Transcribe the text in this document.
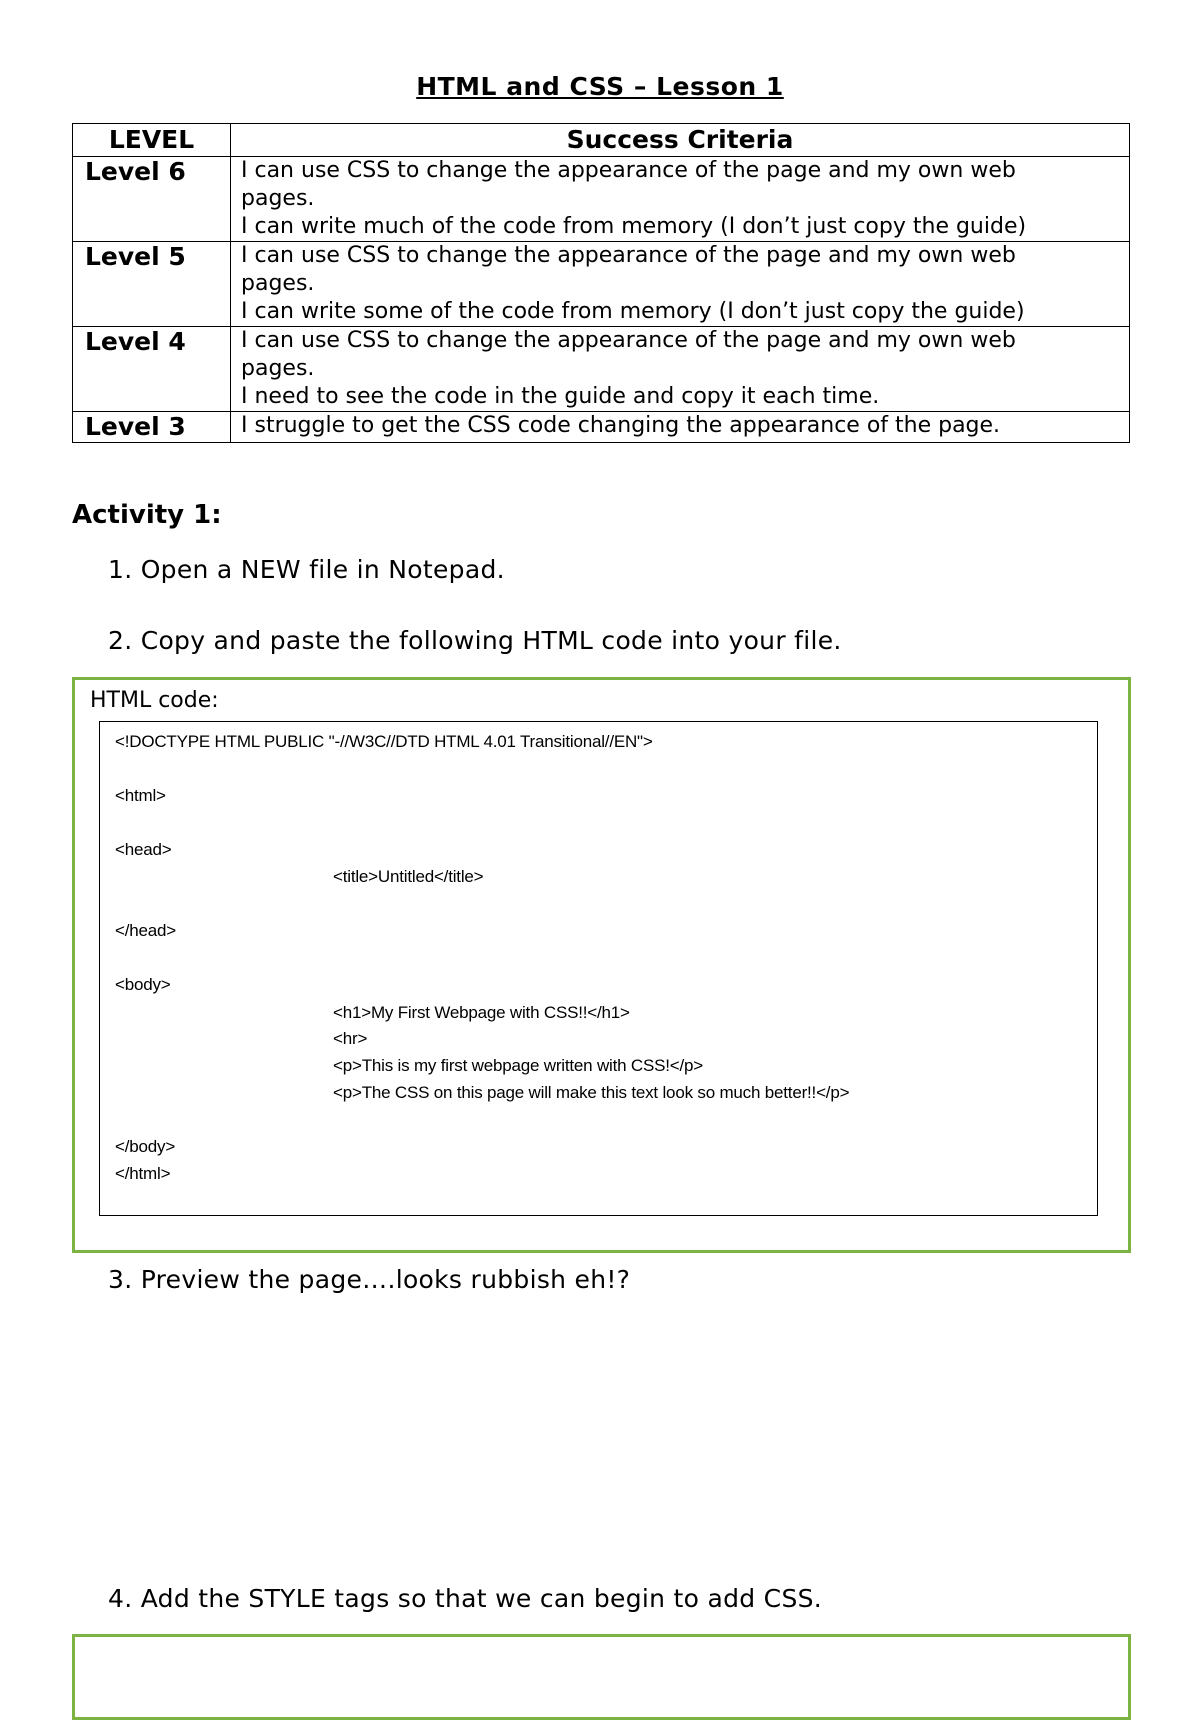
HTML and CSS – Lesson 1
LEVEL	Success Criteria
Level 6	I can use CSS to change the appearance of the page and my own web
pages.
I can write much of the code from memory (I don’t just copy the guide)

Level 5	I can use CSS to change the appearance of the page and my own web
pages.
I can write some of the code from memory (I don’t just copy the guide)

Level 4	I can use CSS to change the appearance of the page and my own web
pages.
I need to see the code in the guide and copy it each time.

Level 3	I struggle to get the CSS code changing the appearance of the page.
Activity 1:
1. Open a NEW file in Notepad.
2. Copy and paste the following HTML code into your file.
HTML code:
<!DOCTYPE HTML PUBLIC "-//W3C//DTD HTML 4.01 Transitional//EN">
<html>
<head>
<title>Untitled</title>
</head>
<body>
<h1>My First Webpage with CSS!!</h1>
<hr>
<p>This is my first webpage written with CSS!</p>
<p>The CSS on this page will make this text look so much better!!</p>
</body>
</html>
3. Preview the page….looks rubbish eh!?
4. Add the STYLE tags so that we can begin to add CSS.
